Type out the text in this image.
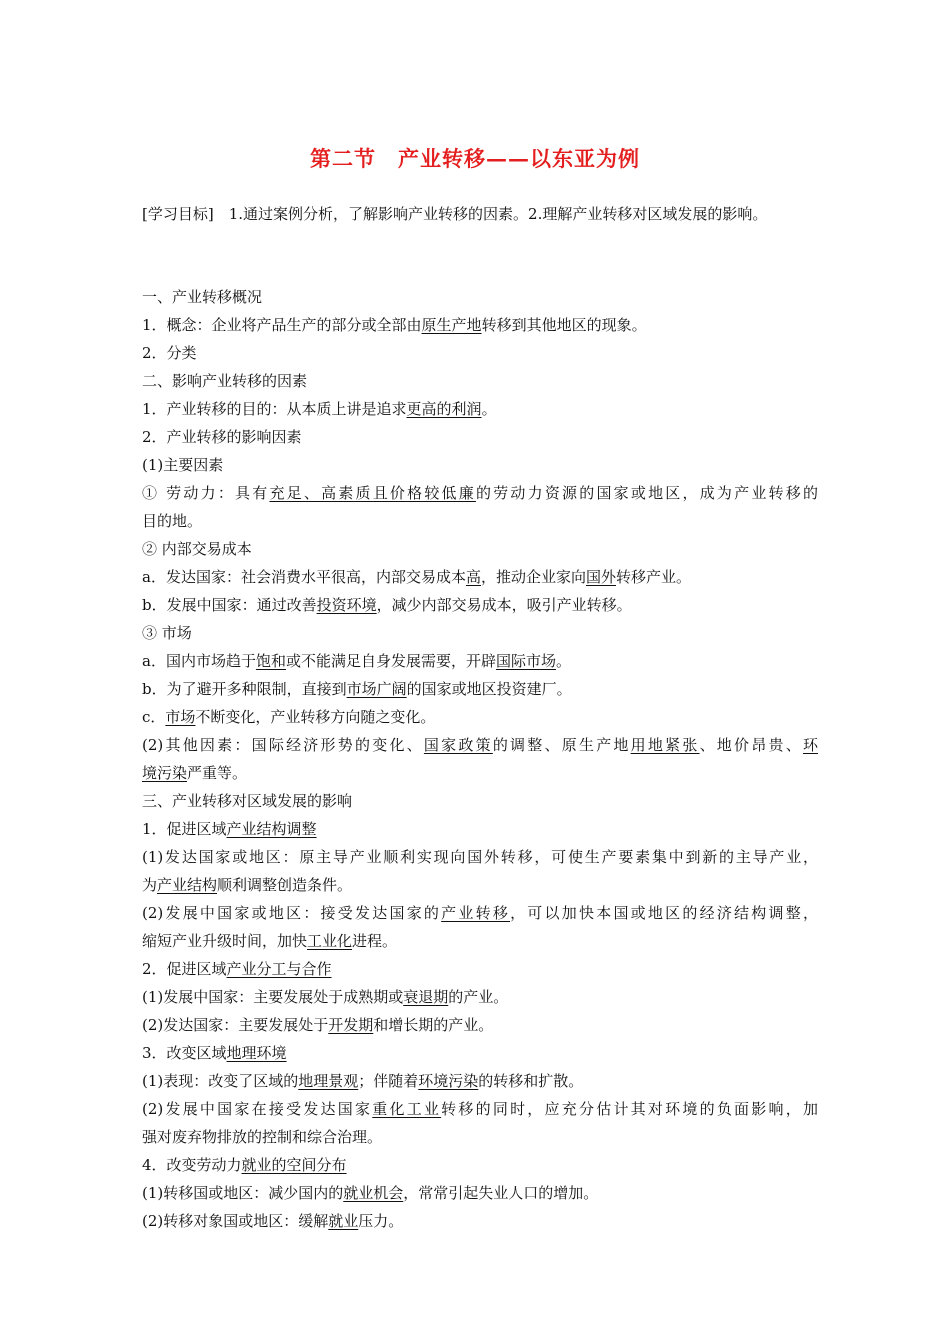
第二节　产业转移——以东亚为例
[学习目标]　1.通过案例分析，了解影响产业转移的因素。2.理解产业转移对区域发展的影响。
一、产业转移概况
1．概念：企业将产品生产的部分或全部由原生产地转移到其他地区的现象。
2．分类
二、影响产业转移的因素
1．产业转移的目的：从本质上讲是追求更高的利润。
2．产业转移的影响因素
(1)主要因素
① 劳动力：具有充足、高素质且价格较低廉的劳动力资源的国家或地区，成为产业转移的
目的地。
② 内部交易成本
a．发达国家：社会消费水平很高，内部交易成本高，推动企业家向国外转移产业。
b．发展中国家：通过改善投资环境，减少内部交易成本，吸引产业转移。
③ 市场
a．国内市场趋于饱和或不能满足自身发展需要，开辟国际市场。
b．为了避开多种限制，直接到市场广阔的国家或地区投资建厂。
c．市场不断变化，产业转移方向随之变化。
(2)其他因素：国际经济形势的变化、国家政策的调整、原生产地用地紧张、地价昂贵、环
境污染严重等。
三、产业转移对区域发展的影响
1．促进区域产业结构调整
(1)发达国家或地区：原主导产业顺利实现向国外转移，可使生产要素集中到新的主导产业，
为产业结构顺利调整创造条件。
(2)发展中国家或地区：接受发达国家的产业转移，可以加快本国或地区的经济结构调整，
缩短产业升级时间，加快工业化进程。
2．促进区域产业分工与合作
(1)发展中国家：主要发展处于成熟期或衰退期的产业。
(2)发达国家：主要发展处于开发期和增长期的产业。
3．改变区域地理环境
(1)表现：改变了区域的地理景观；伴随着环境污染的转移和扩散。
(2)发展中国家在接受发达国家重化工业转移的同时，应充分估计其对环境的负面影响，加
强对废弃物排放的控制和综合治理。
4．改变劳动力就业的空间分布
(1)转移国或地区：减少国内的就业机会，常常引起失业人口的增加。
(2)转移对象国或地区：缓解就业压力。
